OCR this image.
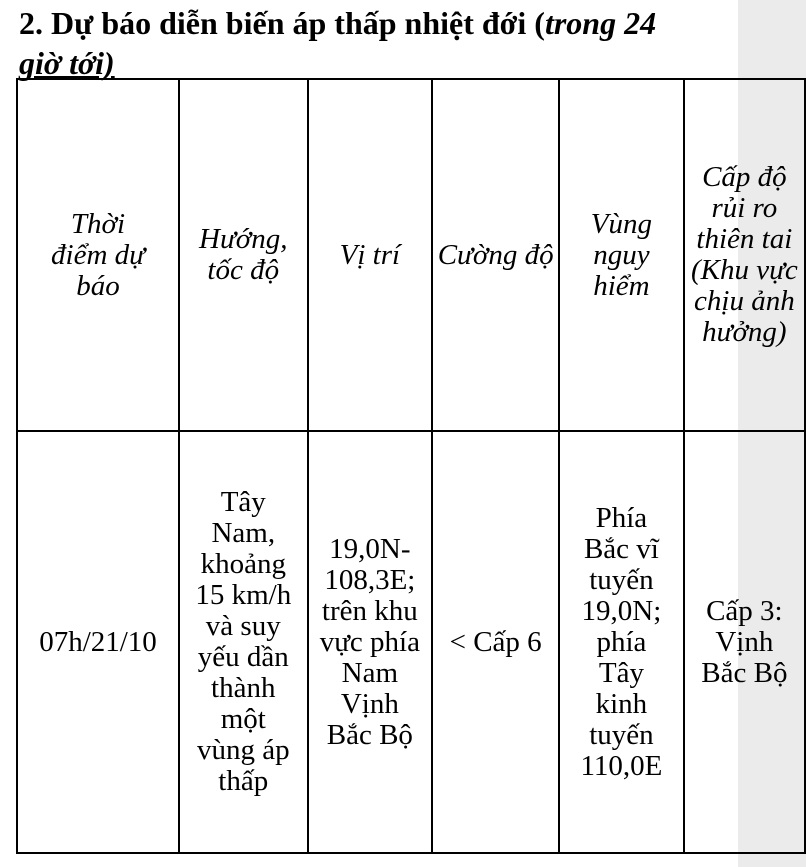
2. Dự báo diễn biến áp thấp nhiệt đới (trong 24
giờ tới)
Thời điểm dự báo	Hướng, tốc độ	Vị trí	Cường độ	Vùng nguy hiểm	Cấp độ rủi ro thiên tai (Khu vực chịu ảnh hưởng)
07h/21/10	Tây Nam, khoảng 15 km/h và suy yếu dần thành một vùng áp thấp	19,0N-108,3E; trên khu vực phía Nam Vịnh Bắc Bộ	< Cấp 6	Phía Bắc vĩ tuyến 19,0N; phía Tây kinh tuyến 110,0E	Cấp 3: Vịnh Bắc Bộ
